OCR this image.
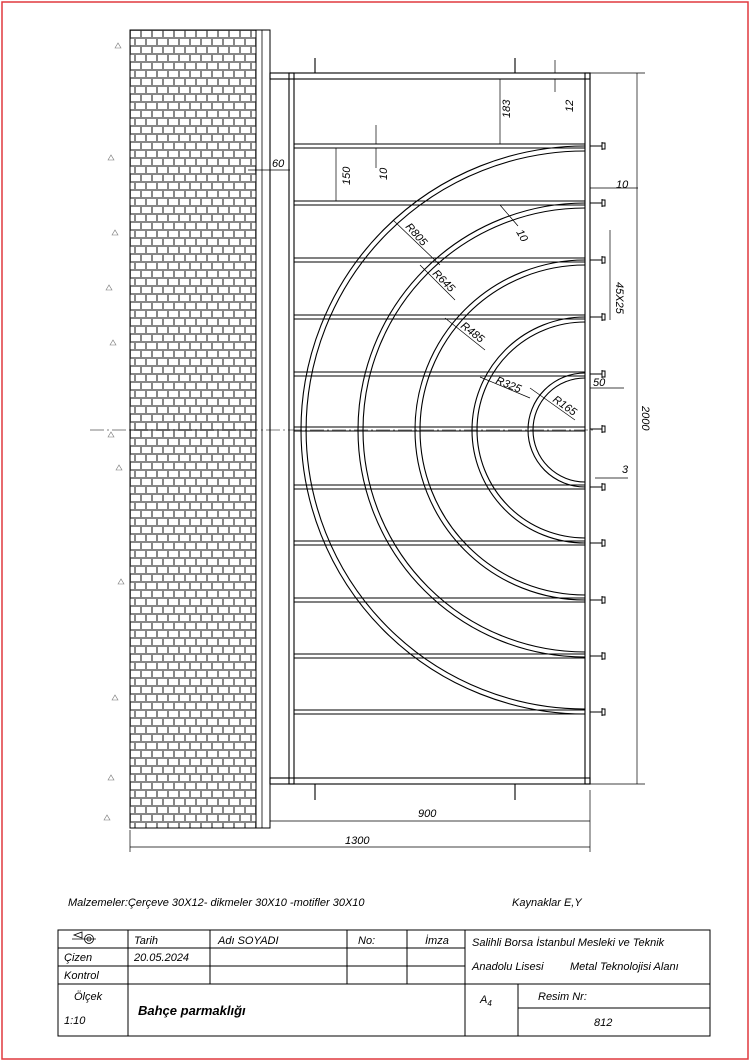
183	12
60
150 10
10
10
45X25
50
3
2000
900
1300
R805
R645
R485
R325
R165
Malzemeler:Çerçeve 30X12- dikmeler 30X10 -motifler 30X10	Kaynaklar E,Y
Tarih	Adı SOYADI	No:	İmza
Çizen	20.05.2024
Kontrol
Salihli Borsa İstanbul Mesleki ve Teknik
Anadolu Lisesi Metal Teknolojisi Alanı
Ölçek
1:10
Bahçe parmaklığı
$A_4$
Resim Nr:
812
